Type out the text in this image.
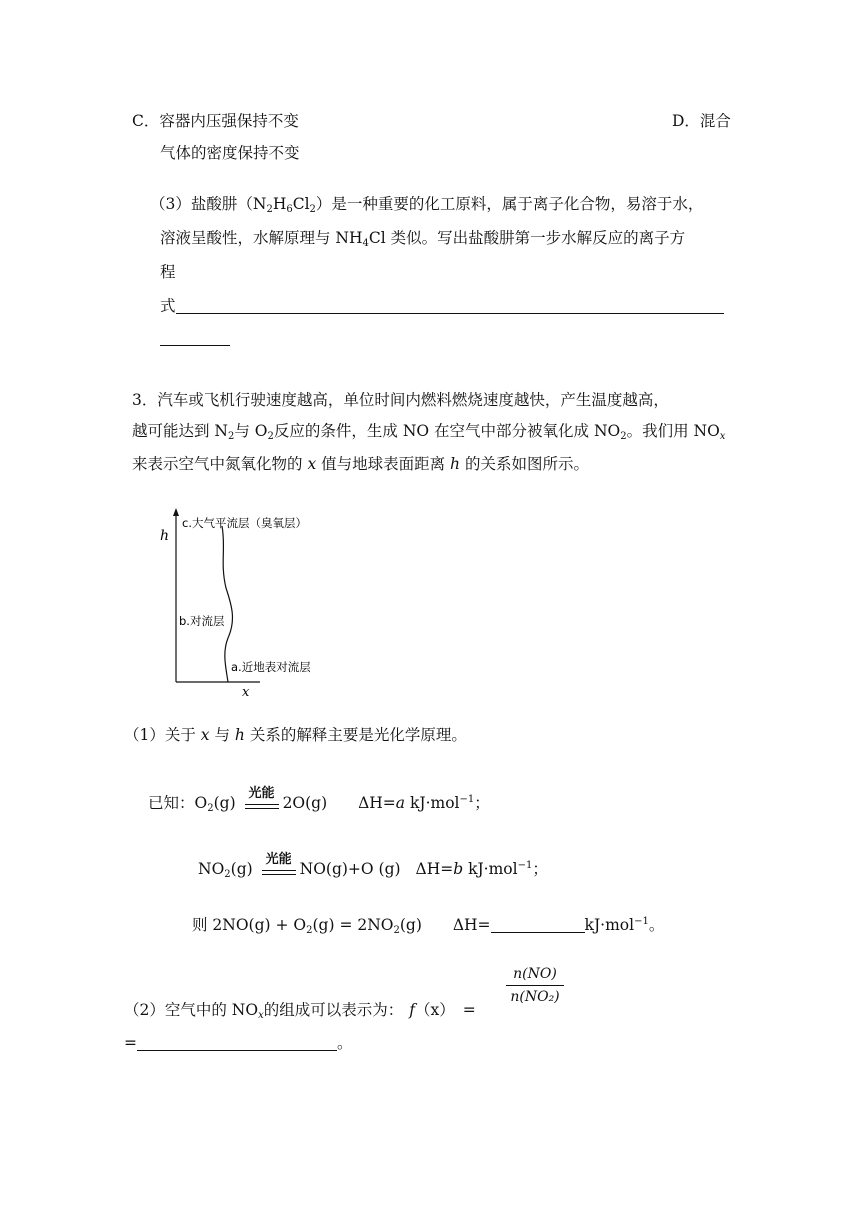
C．容器内压强保持不变	D．混合
气体的密度保持不变
（3）盐酸肼$(N_2H_6Cl_2)$是一种重要的化工原料，属于离子化合物，易溶于水，
溶液呈酸性，水解原理与 $NH_4Cl$ 类似。写出盐酸肼第一步水解反应的离子方
程
式
3．汽车或飞机行驶速度越高，单位时间内燃料燃烧速度越快，产生温度越高，
越可能达到 $N_2$与 $O_2$反应的条件，生成 NO 在空气中部分被氧化成 $NO_2$。我们用 $NO_x$
来表示空气中氮氧化物的 x 值与地球表面距离 h 的关系如图所示。
h
x
c.大气平流层（臭氧层）
b.对流层
a.近地表对流层
（1）关于 x 与 h 关系的解释主要是光化学原理。
已知：$O_2(g)$
光能
2O(g) ΔH=a kJ·mol$^{-1}$；
$NO_2(g)$
光能
NO(g)+O (g) ΔH=b kJ·mol$^{-1}$；
则 $2NO(g) + O_2(g) = 2NO_2(g)$ ΔH=	kJ·mol$^{-1}$。
（2）空气中的 $NO_x$的组成可以表示为： f（x） =
n(NO)
n(NO₂)
=	。
